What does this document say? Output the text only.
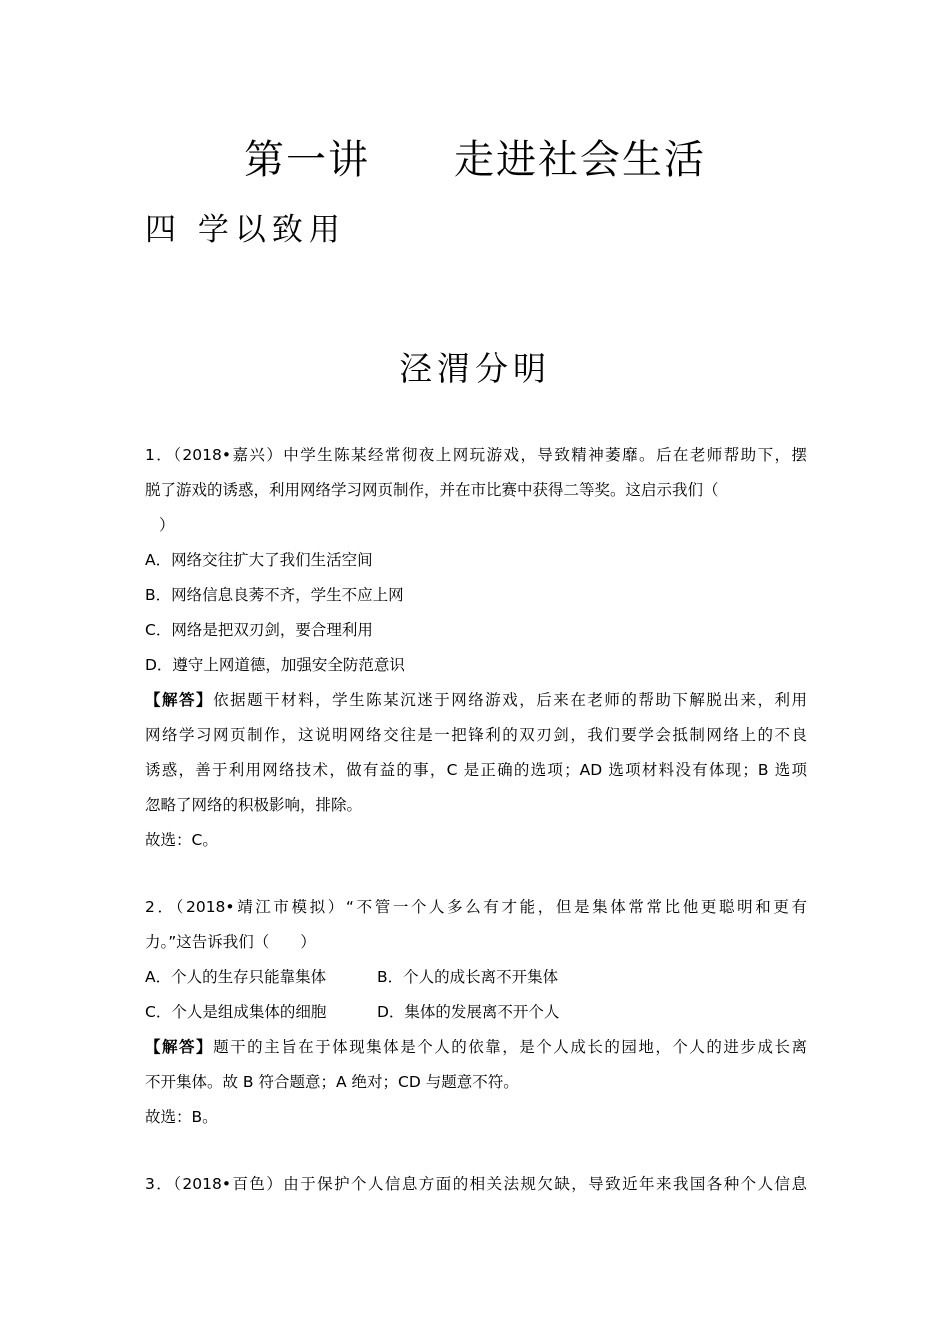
第一讲　　走进社会生活
四 学以致用
泾渭分明
1．（2018•嘉兴）中学生陈某经常彻夜上网玩游戏，导致精神萎靡。后在老师帮助下，摆
脱了游戏的诱惑，利用网络学习网页制作，并在市比赛中获得二等奖。这启示我们（
）
A．网络交往扩大了我们生活空间
B．网络信息良莠不齐，学生不应上网
C．网络是把双刃剑，要合理利用
D．遵守上网道德，加强安全防范意识
【解答】依据题干材料，学生陈某沉迷于网络游戏，后来在老师的帮助下解脱出来，利用
网络学习网页制作，这说明网络交往是一把锋利的双刃剑，我们要学会抵制网络上的不良
诱惑，善于利用网络技术，做有益的事，C 是正确的选项；AD 选项材料没有体现；B 选项
忽略了网络的积极影响，排除。
故选：C。
2．（2018•靖江市模拟）“不管一个人多么有才能，但是集体常常比他更聪明和更有
力。”这告诉我们（　　）
A．个人的生存只能靠集体	B．个人的成长离不开集体
C．个人是组成集体的细胞	D．集体的发展离不开个人
【解答】题干的主旨在于体现集体是个人的依靠，是个人成长的园地，个人的进步成长离
不开集体。故 B 符合题意；A 绝对；CD 与题意不符。
故选：B。
3．（2018•百色）由于保护个人信息方面的相关法规欠缺，导致近年来我国各种个人信息
